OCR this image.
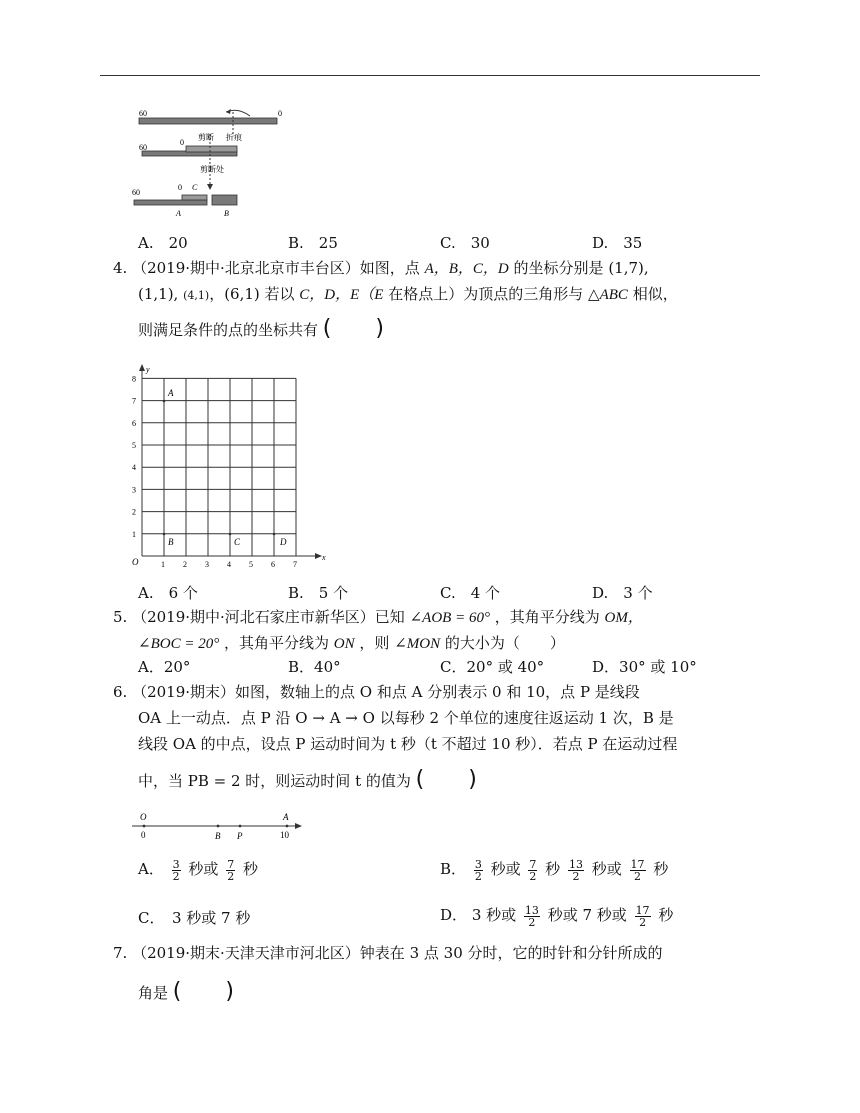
60	0
剪断 折痕
60
0
剪断处
60
0 C
A	B
A.　20	B.　25	C.　30	D.　35
4. （2019·期中·北京北京市丰台区）如图，点 A，B，C，D 的坐标分别是 (1,7),
(1,1), (4,1)，(6,1) 若以 C，D，E（E 在格点上）为顶点的三角形与 △ABC 相似，
则满足条件的点的坐标共有 (　　)
y
x
O
1
2
3
4
5
6
7
8
1 2 3 4 5 6 7
A
B	C	D
A.　6 个	B.　5 个	C.　4 个	D.　3 个
5. （2019·期中·河北石家庄市新华区）已知 ∠AOB = 60° ，其角平分线为 OM，
∠BOC = 20° ，其角平分线为 ON ，则 ∠MON 的大小为（　　）
A．20°	B．40°	C．20° 或 40°	D．30° 或 10°
6. （2019·期末）如图，数轴上的点 O 和点 A 分别表示 0 和 10，点 P 是线段
OA 上一动点．点 P 沿 O → A → O 以每秒 2 个单位的速度往返运动 1 次，B 是
线段 OA 的中点，设点 P 运动时间为 t 秒（t 不超过 10 秒）．若点 P 在运动过程
中，当 PB = 2 时，则运动时间 t 的值为 (　　)
O
0	B P
A
10
A． $\frac{3}{2}$ 秒或 $\frac{7}{2}$ 秒	B． $\frac{3}{2}$ 秒或 $\frac{7}{2}$ 秒 $\frac{13}{2}$ 秒或 $\frac{17}{2}$ 秒
C．　3 秒或 7 秒	D． 3 秒或 $\frac{13}{2}$ 秒或 7 秒或 $\frac{17}{2}$ 秒
7. （2019·期末·天津天津市河北区）钟表在 3 点 30 分时，它的时针和分针所成的
角是 (　　)
